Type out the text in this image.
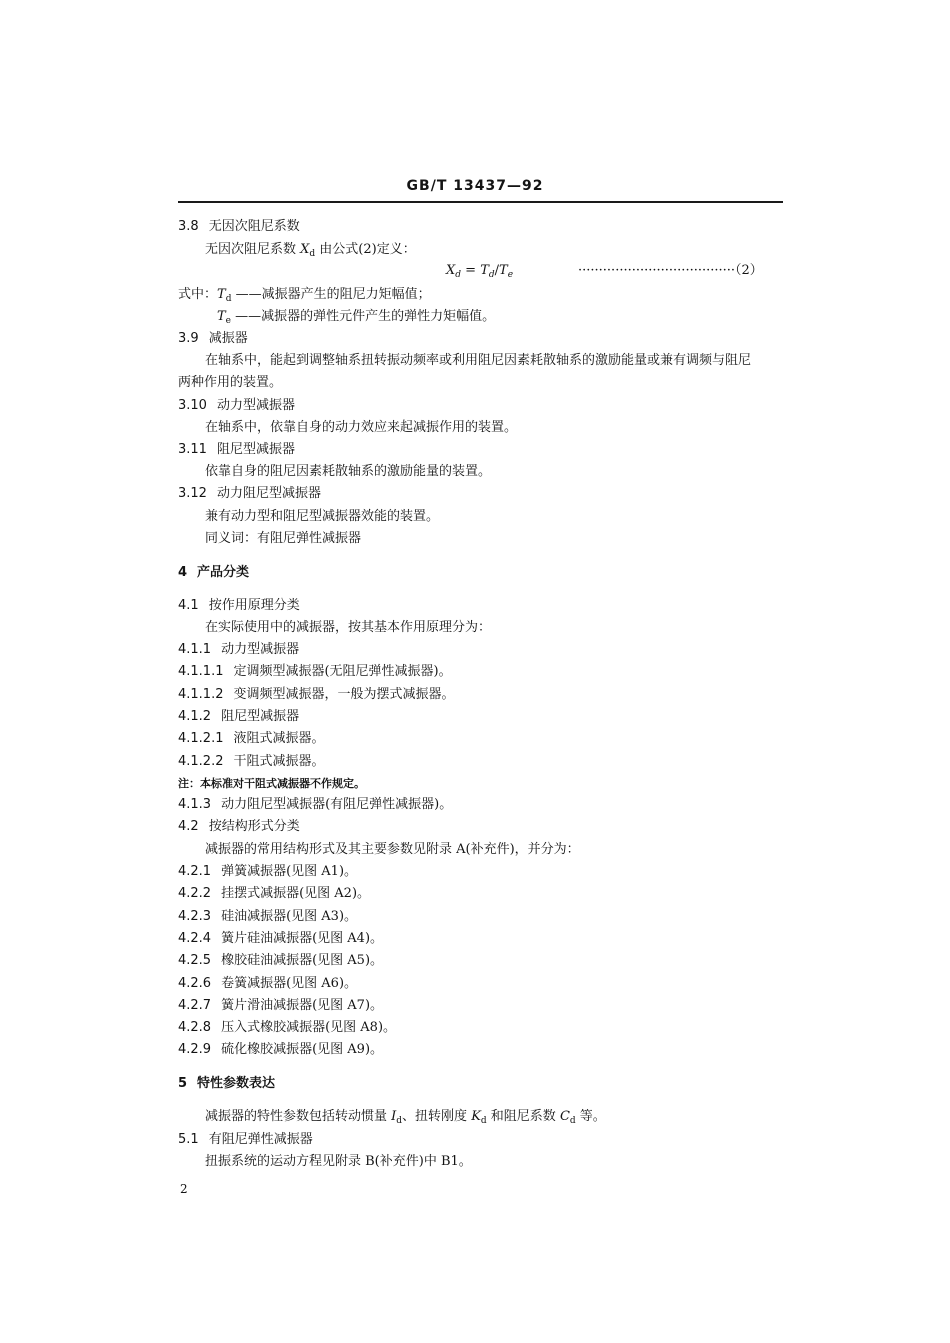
GB/T 13437—92
3.8 无因次阻尼系数
无因次阻尼系数 $X_d$ 由公式(2)定义：
$X_d = T_d/T_e$	······································（2）
式中：$T_d$ ——减振器产生的阻尼力矩幅值；
$T_e$ ——减振器的弹性元件产生的弹性力矩幅值。
3.9 减振器
在轴系中，能起到调整轴系扭转振动频率或利用阻尼因素耗散轴系的激励能量或兼有调频与阻尼
两种作用的装置。
3.10 动力型减振器
在轴系中，依靠自身的动力效应来起减振作用的装置。
3.11 阻尼型减振器
依靠自身的阻尼因素耗散轴系的激励能量的装置。
3.12 动力阻尼型减振器
兼有动力型和阻尼型减振器效能的装置。
同义词：有阻尼弹性减振器
4 产品分类
4.1 按作用原理分类
在实际使用中的减振器，按其基本作用原理分为：
4.1.1 动力型减振器
4.1.1.1 定调频型减振器(无阻尼弹性减振器)。
4.1.1.2 变调频型减振器，一般为摆式减振器。
4.1.2 阻尼型减振器
4.1.2.1 液阻式减振器。
4.1.2.2 干阻式减振器。
注：本标准对干阻式减振器不作规定。
4.1.3 动力阻尼型减振器(有阻尼弹性减振器)。
4.2 按结构形式分类
减振器的常用结构形式及其主要参数见附录 A(补充件)，并分为：
4.2.1 弹簧减振器(见图 A1)。
4.2.2 挂摆式减振器(见图 A2)。
4.2.3 硅油减振器(见图 A3)。
4.2.4 簧片硅油减振器(见图 A4)。
4.2.5 橡胶硅油减振器(见图 A5)。
4.2.6 卷簧减振器(见图 A6)。
4.2.7 簧片滑油减振器(见图 A7)。
4.2.8 压入式橡胶减振器(见图 A8)。
4.2.9 硫化橡胶减振器(见图 A9)。
5 特性参数表达
减振器的特性参数包括转动惯量 $I_d$、扭转刚度 $K_d$ 和阻尼系数 $C_d$ 等。
5.1 有阻尼弹性减振器
扭振系统的运动方程见附录 B(补充件)中 B1。
2
